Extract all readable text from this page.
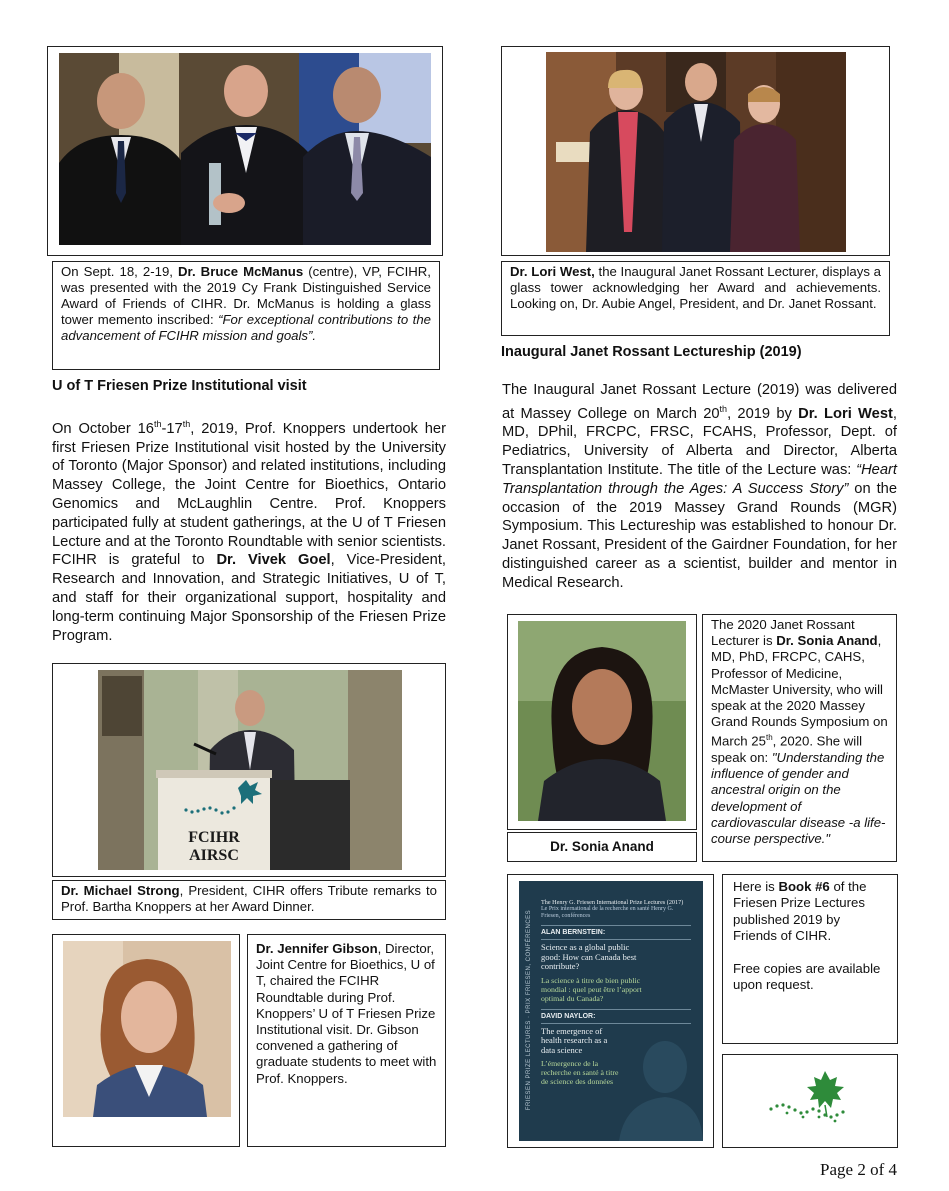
On Sept. 18, 2-19, Dr. Bruce McManus (centre), VP, FCIHR, was presented with the 2019 Cy Frank Distinguished Service Award of Friends of CIHR. Dr. McManus is holding a glass tower memento inscribed: “For exceptional contributions to the advancement of FCIHR mission and goals”.
U of T Friesen Prize Institutional visit
On October 16th-17th, 2019, Prof. Knoppers undertook her first Friesen Prize Institutional visit hosted by the University of Toronto (Major Sponsor) and related institutions, including Massey College, the Joint Centre for Bioethics, Ontario Genomics and McLaughlin Centre. Prof. Knoppers participated fully at student gatherings, at the U of T Friesen Lecture and at the Toronto Roundtable with senior scientists. FCIHR is grateful to Dr. Vivek Goel, Vice-President, Research and Innovation, and Strategic Initiatives, U of T, and staff for their organizational support, hospitality and long-term continuing Major Sponsorship of the Friesen Prize Program.
FCIHR
AIRSC
Dr. Michael Strong, President, CIHR offers Tribute remarks to Prof. Bartha Knoppers at her Award Dinner.
Dr. Jennifer Gibson, Director, Joint Centre for Bioethics, U of T, chaired the FCIHR Roundtable during Prof. Knoppers’ U of T Friesen Prize Institutional visit. Dr. Gibson convened a gathering of graduate students to meet with Prof. Knoppers.
Dr. Lori West, the Inaugural Janet Rossant Lecturer, displays a glass tower acknowledging her Award and achievements. Looking on, Dr. Aubie Angel, President, and Dr. Janet Rossant.
Inaugural Janet Rossant Lectureship (2019)
The Inaugural Janet Rossant Lecture (2019) was delivered at Massey College on March 20th, 2019 by Dr. Lori West, MD, DPhil, FRCPC, FRSC, FCAHS, Professor, Dept. of Pediatrics, University of Alberta and Director, Alberta Transplantation Institute. The title of the Lecture was: “Heart Transplantation through the Ages: A Success Story” on the occasion of the 2019 Massey Grand Rounds (MGR) Symposium. This Lectureship was established to honour Dr. Janet Rossant, President of the Gairdner Foundation, for her distinguished career as a scientist, builder and mentor in Medical Research.
Dr. Sonia Anand
The 2020 Janet Rossant Lecturer is Dr. Sonia Anand, MD, PhD, FRCPC, CAHS, Professor of Medicine, McMaster University, who will speak at the 2020 Massey Grand Rounds Symposium on March 25th, 2020. She will speak on: "Understanding the influence of gender and ancestral origin on the development of cardiovascular disease -a life-course perspective."
FRIESEN PRIZE LECTURES · PRIX FRIESEN, CONFÉRENCES
The Henry G. Friesen International Prize Lectures (2017)
Le Prix international de la recherche en santé Henry G. Friesen, conférences
ALAN BERNSTEIN:
Science as a global public good: How can Canada best contribute?
La science à titre de bien public mondial : quel peut être l’apport optimal du Canada?
DAVID NAYLOR:
The emergence of health research as a data science
L’émergence de la recherche en santé à titre de science des données
Here is Book #6 of the Friesen Prize Lectures published 2019 by Friends of CIHR.
Free copies are available upon request.
Page 2 of 4
